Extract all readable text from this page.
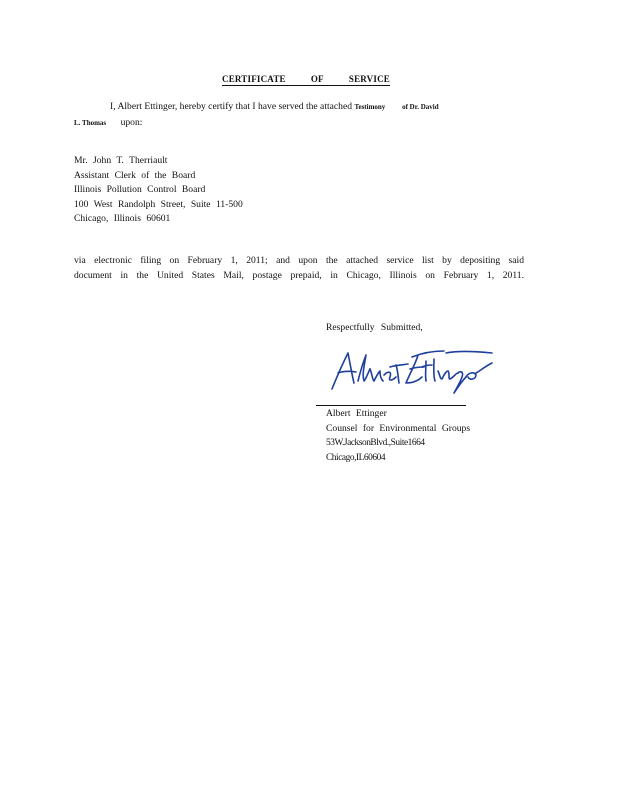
CERTIFICATE	OF	SERVICE
I, Albert Ettinger, hereby certify that I have served the attached Testimony of Dr. David
L. Thomas upon:
Mr. John T. Therriault
Assistant Clerk of the Board
Illinois Pollution Control Board
100 West Randolph Street, Suite 11-500
Chicago, Illinois 60601
via electronic filing on February 1, 2011; and upon the attached service list by depositing said
document in the United States Mail, postage prepaid, in Chicago, Illinois on February 1, 2011.
Respectfully Submitted,
Albert Ettinger
Counsel for Environmental Groups
53W.JacksonBlvd.,Suite1664
Chicago,IL60604
